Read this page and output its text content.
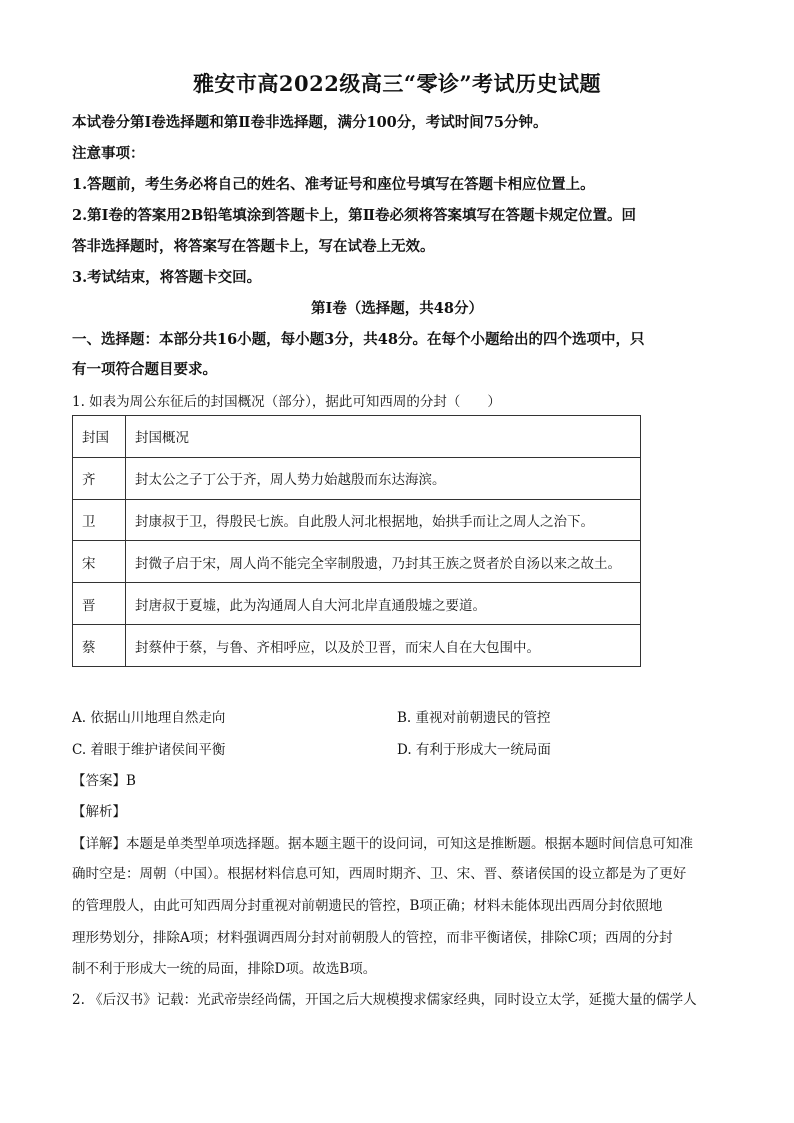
雅安市高2022级高三“零诊”考试历史试题
本试卷分第Ⅰ卷选择题和第Ⅱ卷非选择题，满分100分，考试时间75分钟。
注意事项：
1.答题前，考生务必将自己的姓名、准考证号和座位号填写在答题卡相应位置上。
2.第Ⅰ卷的答案用2B铅笔填涂到答题卡上，第Ⅱ卷必须将答案填写在答题卡规定位置。回
答非选择题时，将答案写在答题卡上，写在试卷上无效。
3.考试结束，将答题卡交回。
第Ⅰ卷（选择题，共48分）
一、选择题：本部分共16小题，每小题3分，共48分。在每个小题给出的四个选项中，只
有一项符合题目要求。
1. 如表为周公东征后的封国概况（部分），据此可知西周的分封（　　）
封国	封国概况
齐	封太公之子丁公于齐，周人势力始越殷而东达海滨。
卫	封康叔于卫，得殷民七族。自此殷人河北根据地，始拱手而让之周人之治下。
宋	封微子启于宋，周人尚不能完全宰制殷遗，乃封其王族之贤者於自汤以来之故土。
晋	封唐叔于夏墟，此为沟通周人自大河北岸直通殷墟之要道。
蔡	封蔡仲于蔡，与鲁、齐相呼应，以及於卫晋，而宋人自在大包围中。
A. 依据山川地理自然走向	B. 重视对前朝遗民的管控
C. 着眼于维护诸侯间平衡	D. 有利于形成大一统局面
【答案】B
【解析】
【详解】本题是单类型单项选择题。据本题主题干的设问词，可知这是推断题。根据本题时间信息可知准
确时空是：周朝（中国）。根据材料信息可知，西周时期齐、卫、宋、晋、蔡诸侯国的设立都是为了更好
的管理殷人，由此可知西周分封重视对前朝遗民的管控，B项正确；材料未能体现出西周分封依照地
理形势划分，排除A项；材料强调西周分封对前朝殷人的管控，而非平衡诸侯，排除C项；西周的分封
制不利于形成大一统的局面，排除D项。故选B项。
2. 《后汉书》记载：光武帝崇经尚儒，开国之后大规模搜求儒家经典，同时设立太学，延揽大量的儒学人
